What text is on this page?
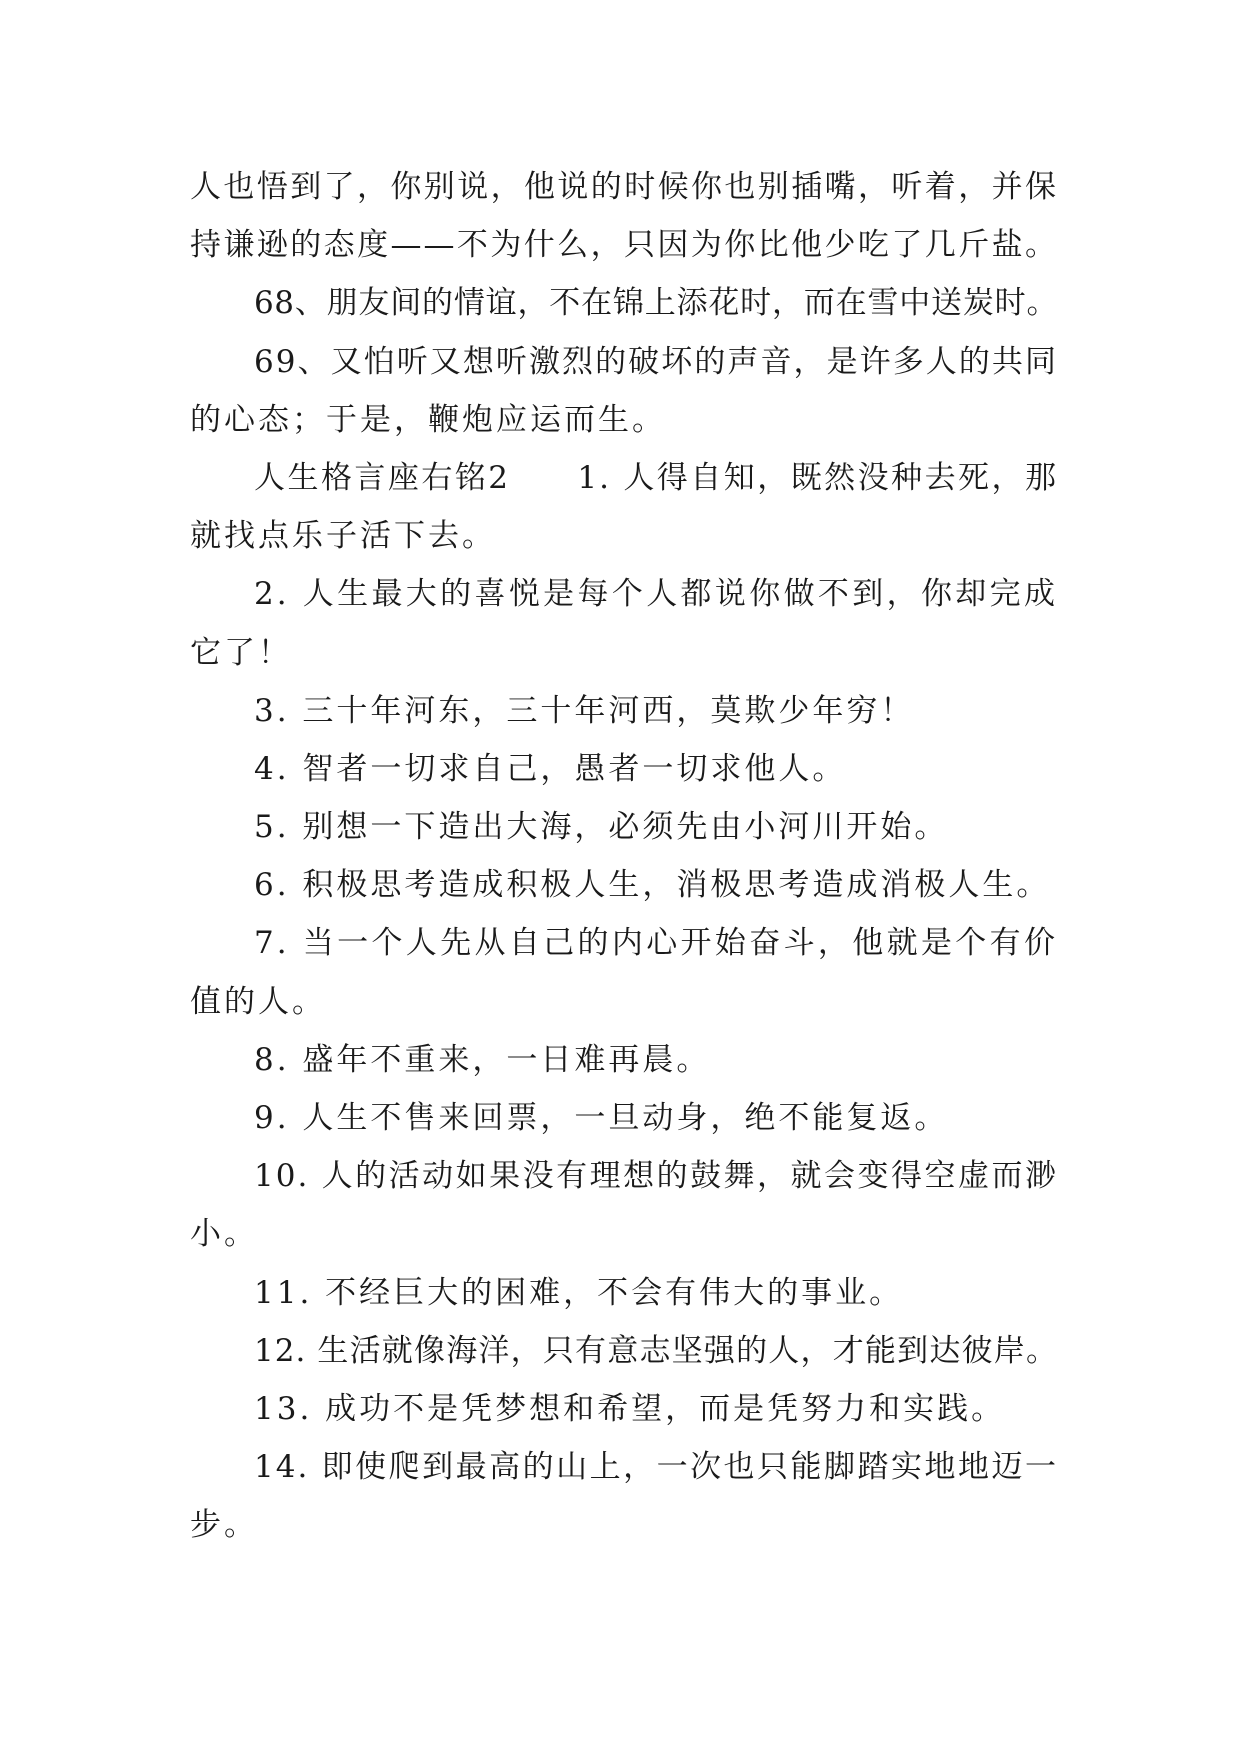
人也悟到了，你别说，他说的时候你也别插嘴，听着，并保
持谦逊的态度——不为什么，只因为你比他少吃了几斤盐。
68、朋友间的情谊，不在锦上添花时，而在雪中送炭时。
69、又怕听又想听激烈的破坏的声音，是许多人的共同
的心态；于是，鞭炮应运而生。
人生格言座右铭2　　1. 人得自知，既然没种去死，那
就找点乐子活下去。
2. 人生最大的喜悦是每个人都说你做不到，你却完成
它了！
3. 三十年河东，三十年河西，莫欺少年穷！
4. 智者一切求自己，愚者一切求他人。
5. 别想一下造出大海，必须先由小河川开始。
6. 积极思考造成积极人生，消极思考造成消极人生。
7. 当一个人先从自己的内心开始奋斗，他就是个有价
值的人。
8. 盛年不重来，一日难再晨。
9. 人生不售来回票，一旦动身，绝不能复返。
10. 人的活动如果没有理想的鼓舞，就会变得空虚而渺
小。
11. 不经巨大的困难，不会有伟大的事业。
12. 生活就像海洋，只有意志坚强的人，才能到达彼岸。
13. 成功不是凭梦想和希望，而是凭努力和实践。
14. 即使爬到最高的山上，一次也只能脚踏实地地迈一
步。
